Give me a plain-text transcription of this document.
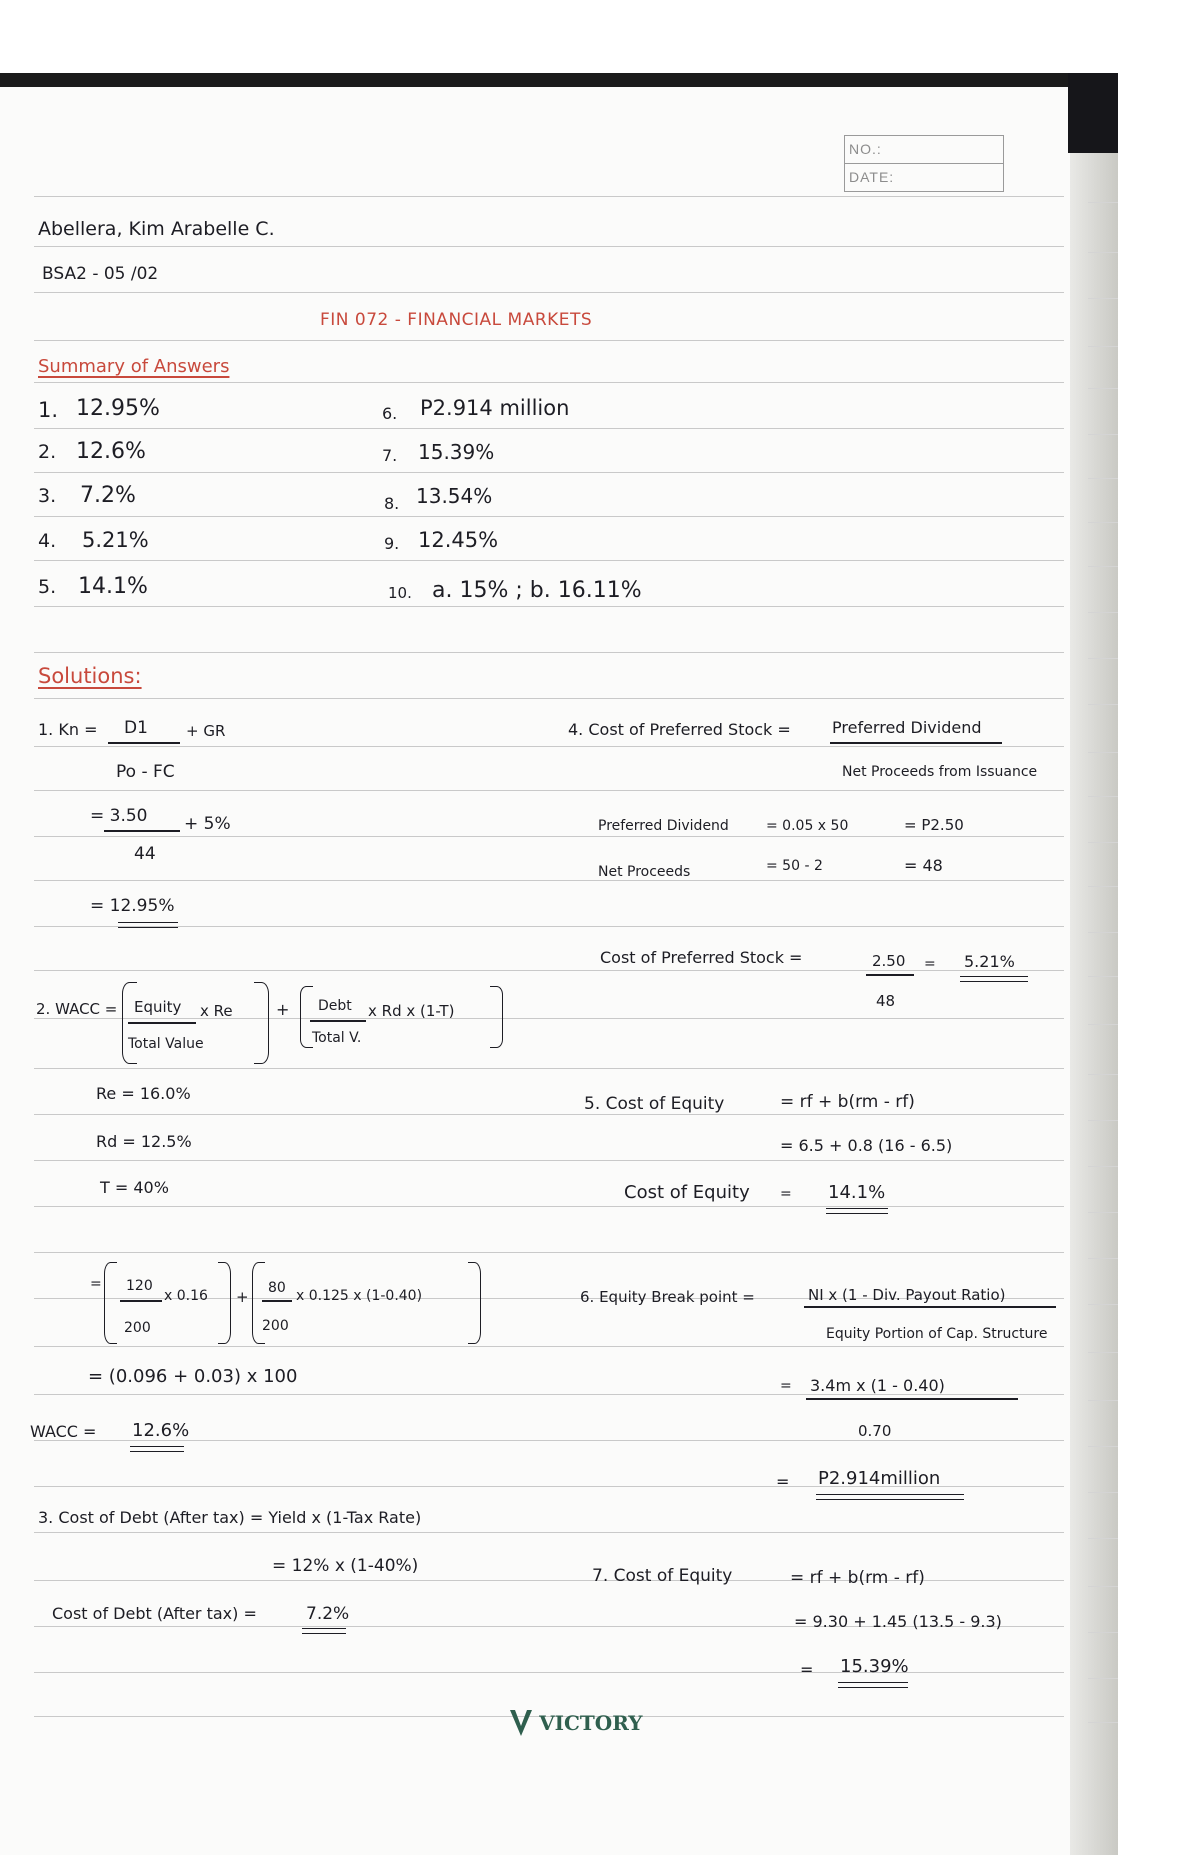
NO.:
DATE:
Abellera, Kim Arabelle C.
BSA2 - 05 /02
FIN 072 - FINANCIAL MARKETS
Summary of Answers
1. 12.95%
2. 12.6%
3. 7.2%
4. 5.21%
5. 14.1%
6. P2.914 million
7. 15.39%
8. 13.54%
9. 12.45%
10. a. 15% ; b. 16.11%
Solutions:
1. Kn = D1	+ GR
Po - FC
= 3.50 + 5%
44
= 12.95%
2. WACC = Equity
Total Value
x Re	+ Debt
Total V.
x Rd x (1-T)
Re = 16.0%
Rd = 12.5%
T = 40%
= 120
200
x 0.16 + 80
200
x 0.125 x (1-0.40)
= (0.096 + 0.03) x 100
WACC = 12.6%
3. Cost of Debt (After tax) = Yield x (1-Tax Rate)
= 12% x (1-40%)
Cost of Debt (After tax) =	7.2%
4. Cost of Preferred Stock =	Preferred Dividend
Net Proceeds from Issuance
Preferred Dividend	= 0.05 x 50	= P2.50
Net Proceeds	= 50 - 2	= 48
Cost of Preferred Stock =	2.50
48
= 5.21%
5. Cost of Equity	= rf + b(rm - rf)
= 6.5 + 0.8 (16 - 6.5)
Cost of Equity = 14.1%
6. Equity Break point =	NI x (1 - Div. Payout Ratio)
Equity Portion of Cap. Structure
= 3.4m x (1 - 0.40)
0.70
= P2.914million
7. Cost of Equity	= rf + b(rm - rf)
= 9.30 + 1.45 (13.5 - 9.3)
= 15.39%
VICTORY
